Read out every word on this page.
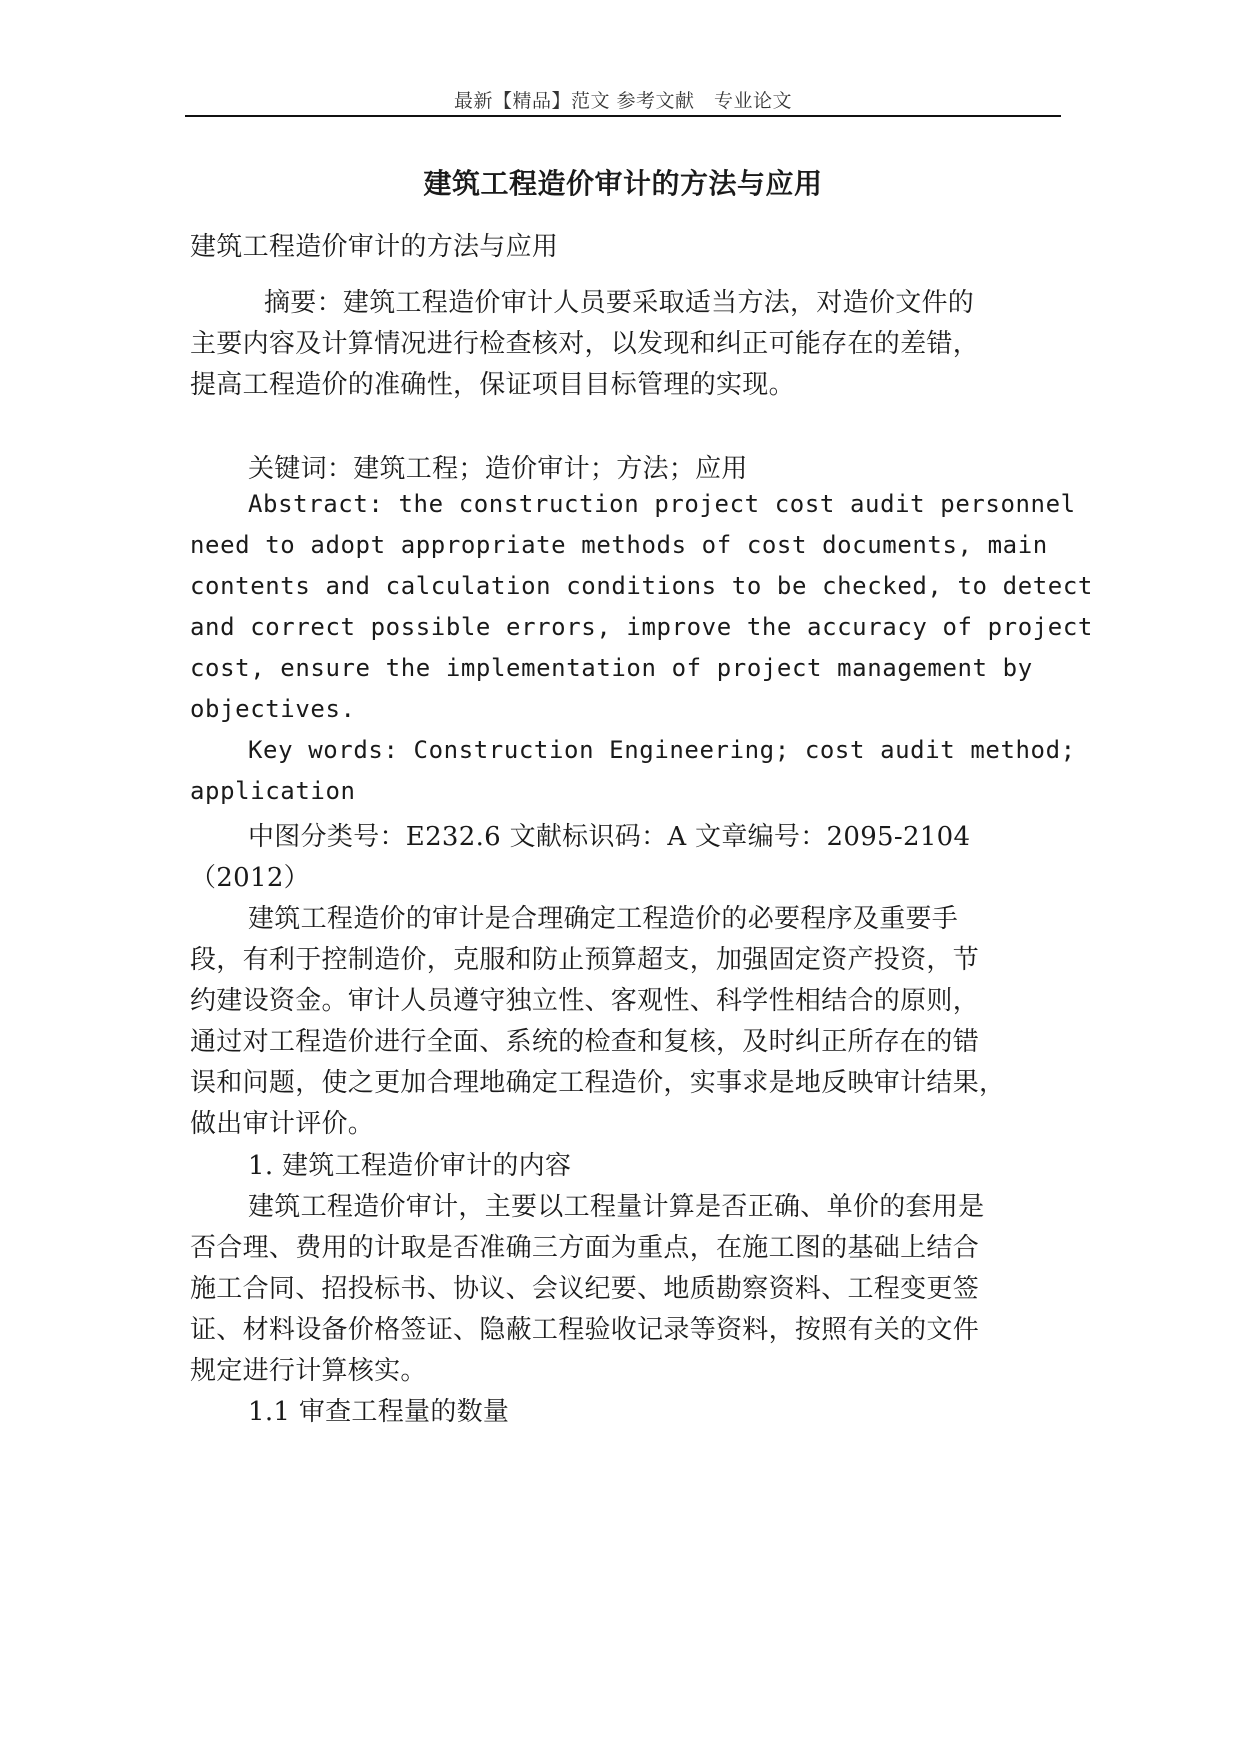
最新【精品】范文 参考文献　专业论文
建筑工程造价审计的方法与应用
建筑工程造价审计的方法与应用
摘要：建筑工程造价审计人员要采取适当方法，对造价文件的
主要内容及计算情况进行检查核对，以发现和纠正可能存在的差错，
提高工程造价的准确性，保证项目目标管理的实现。
关键词：建筑工程；造价审计；方法；应用
Abstract: the construction project cost audit personnel
need to adopt appropriate methods of cost documents, main
contents and calculation conditions to be checked, to detect
and correct possible errors, improve the accuracy of project
cost, ensure the implementation of project management by
objectives.
Key words: Construction Engineering; cost audit method;
application
中图分类号：E232.6 文献标识码：A 文章编号：2095-2104
（2012）
建筑工程造价的审计是合理确定工程造价的必要程序及重要手
段，有利于控制造价，克服和防止预算超支，加强固定资产投资，节
约建设资金。审计人员遵守独立性、客观性、科学性相结合的原则，
通过对工程造价进行全面、系统的检查和复核，及时纠正所存在的错
误和问题，使之更加合理地确定工程造价，实事求是地反映审计结果，
做出审计评价。
1. 建筑工程造价审计的内容
建筑工程造价审计，主要以工程量计算是否正确、单价的套用是
否合理、费用的计取是否准确三方面为重点，在施工图的基础上结合
施工合同、招投标书、协议、会议纪要、地质勘察资料、工程变更签
证、材料设备价格签证、隐蔽工程验收记录等资料，按照有关的文件
规定进行计算核实。
1.1 审查工程量的数量
